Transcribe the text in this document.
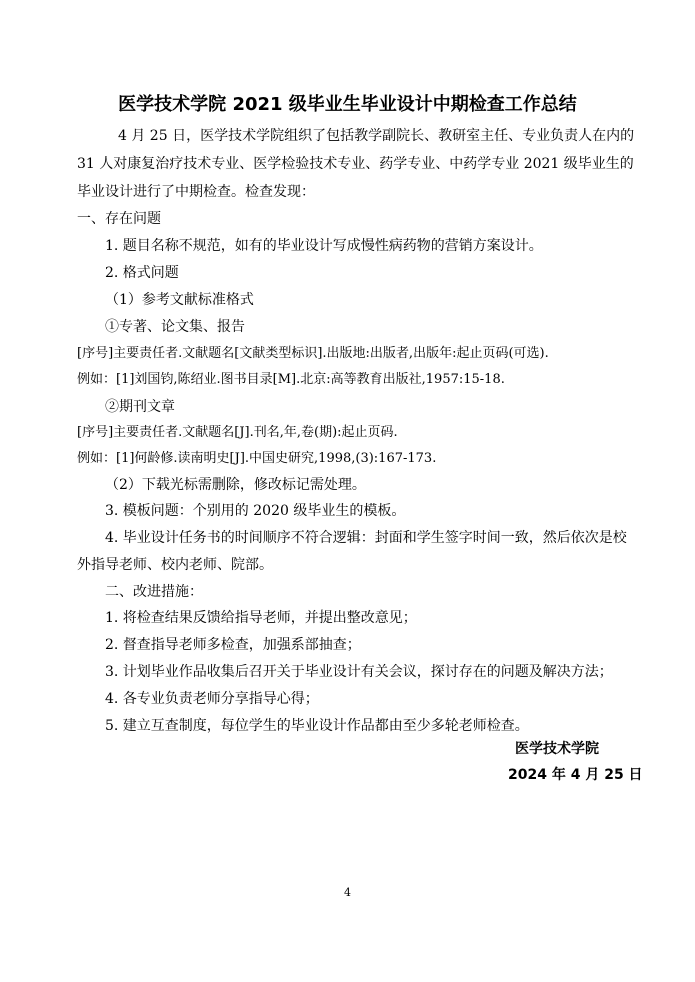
医学技术学院 2021 级毕业生毕业设计中期检查工作总结
4 月 25 日，医学技术学院组织了包括教学副院长、教研室主任、专业负责人在内的
31 人对康复治疗技术专业、医学检验技术专业、药学专业、中药学专业 2021 级毕业生的
毕业设计进行了中期检查。检查发现：
一、存在问题
1. 题目名称不规范，如有的毕业设计写成慢性病药物的营销方案设计。
2. 格式问题
（1）参考文献标准格式
①专著、论文集、报告
[序号]主要责任者.文献题名[文献类型标识].出版地:出版者,出版年:起止页码(可选).
例如：[1]刘国钧,陈绍业.图书目录[M].北京:高等教育出版社,1957:15-18.
②期刊文章
[序号]主要责任者.文献题名[J].刊名,年,卷(期):起止页码.
例如：[1]何龄修.读南明史[J].中国史研究,1998,(3):167-173.
（2）下载光标需删除，修改标记需处理。
3. 模板问题：个别用的 2020 级毕业生的模板。
4. 毕业设计任务书的时间顺序不符合逻辑：封面和学生签字时间一致，然后依次是校
外指导老师、校内老师、院部。
二、改进措施：
1. 将检查结果反馈给指导老师，并提出整改意见；
2. 督查指导老师多检查，加强系部抽查；
3. 计划毕业作品收集后召开关于毕业设计有关会议，探讨存在的问题及解决方法；
4. 各专业负责老师分享指导心得；
5. 建立互查制度，每位学生的毕业设计作品都由至少多轮老师检查。
医学技术学院
2024 年 4 月 25 日
4
